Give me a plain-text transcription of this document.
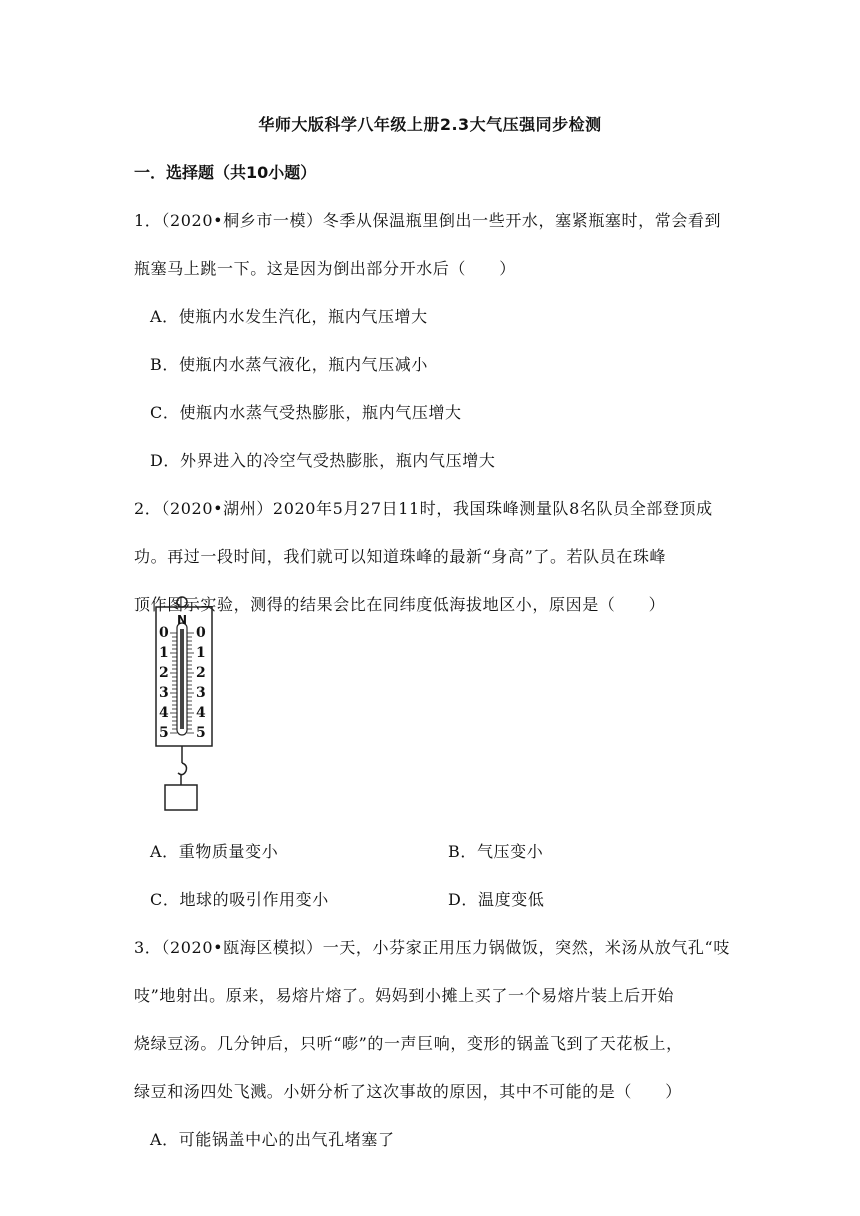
华师大版科学八年级上册2.3大气压强同步检测
一．选择题（共10小题）
1．（2020•桐乡市一模）冬季从保温瓶里倒出一些开水，塞紧瓶塞时，常会看到
瓶塞马上跳一下。这是因为倒出部分开水后（　　）
A．使瓶内水发生汽化，瓶内气压增大
B．使瓶内水蒸气液化，瓶内气压减小
C．使瓶内水蒸气受热膨胀，瓶内气压增大
D．外界进入的冷空气受热膨胀，瓶内气压增大
2．（2020•湖州）2020年5月27日11时，我国珠峰测量队8名队员全部登顶成
功。再过一段时间，我们就可以知道珠峰的最新“身高”了。若队员在珠峰
顶作图示实验，测得的结果会比在同纬度低海拔地区小，原因是（　　）
N
0
1
2
3
4
5
0
1
2
3
4
5
A．重物质量变小	B．气压变小
C．地球的吸引作用变小	D．温度变低
3．（2020•瓯海区模拟）一天，小芬家正用压力锅做饭，突然，米汤从放气孔“吱
吱”地射出。原来，易熔片熔了。妈妈到小摊上买了一个易熔片装上后开始
烧绿豆汤。几分钟后，只听“嘭”的一声巨响，变形的锅盖飞到了天花板上，
绿豆和汤四处飞溅。小妍分析了这次事故的原因，其中不可能的是（　　）
A．可能锅盖中心的出气孔堵塞了
